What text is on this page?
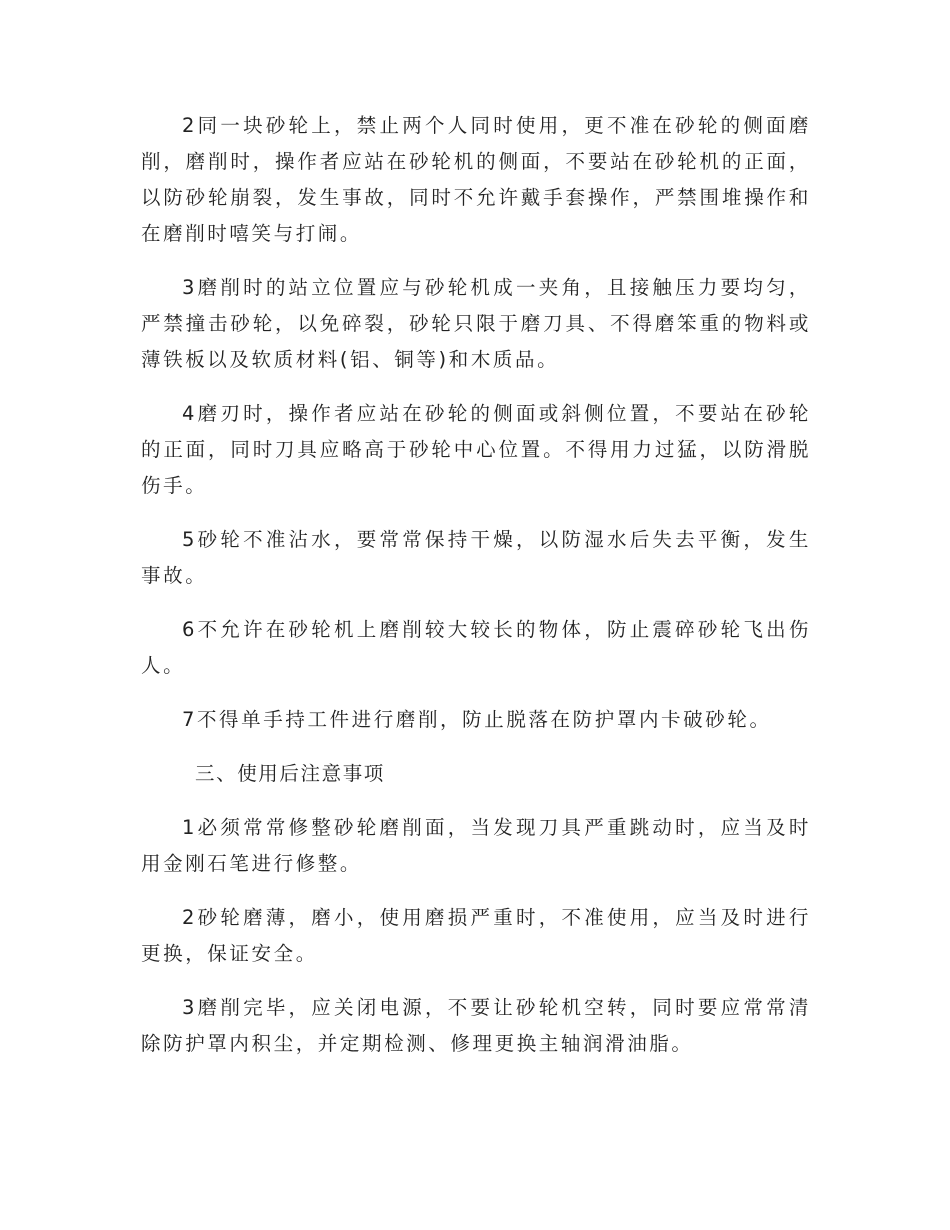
2同一块砂轮上，禁止两个人同时使用，更不准在砂轮的侧面磨削，磨削时，操作者应站在砂轮机的侧面，不要站在砂轮机的正面，以防砂轮崩裂，发生事故，同时不允许戴手套操作，严禁围堆操作和在磨削时嘻笑与打闹。

3磨削时的站立位置应与砂轮机成一夹角，且接触压力要均匀，严禁撞击砂轮，以免碎裂，砂轮只限于磨刀具、不得磨笨重的物料或薄铁板以及软质材料(铝、铜等)和木质品。

4磨刃时，操作者应站在砂轮的侧面或斜侧位置，不要站在砂轮的正面，同时刀具应略高于砂轮中心位置。不得用力过猛，以防滑脱伤手。

5砂轮不准沾水，要常常保持干燥，以防湿水后失去平衡，发生事故。

6不允许在砂轮机上磨削较大较长的物体，防止震碎砂轮飞出伤人。

7不得单手持工件进行磨削，防止脱落在防护罩内卡破砂轮。

三、使用后注意事项

1必须常常修整砂轮磨削面，当发现刀具严重跳动时，应当及时用金刚石笔进行修整。

2砂轮磨薄，磨小，使用磨损严重时，不准使用，应当及时进行更换，保证安全。

3磨削完毕，应关闭电源，不要让砂轮机空转，同时要应常常清除防护罩内积尘，并定期检测、修理更换主轴润滑油脂。
